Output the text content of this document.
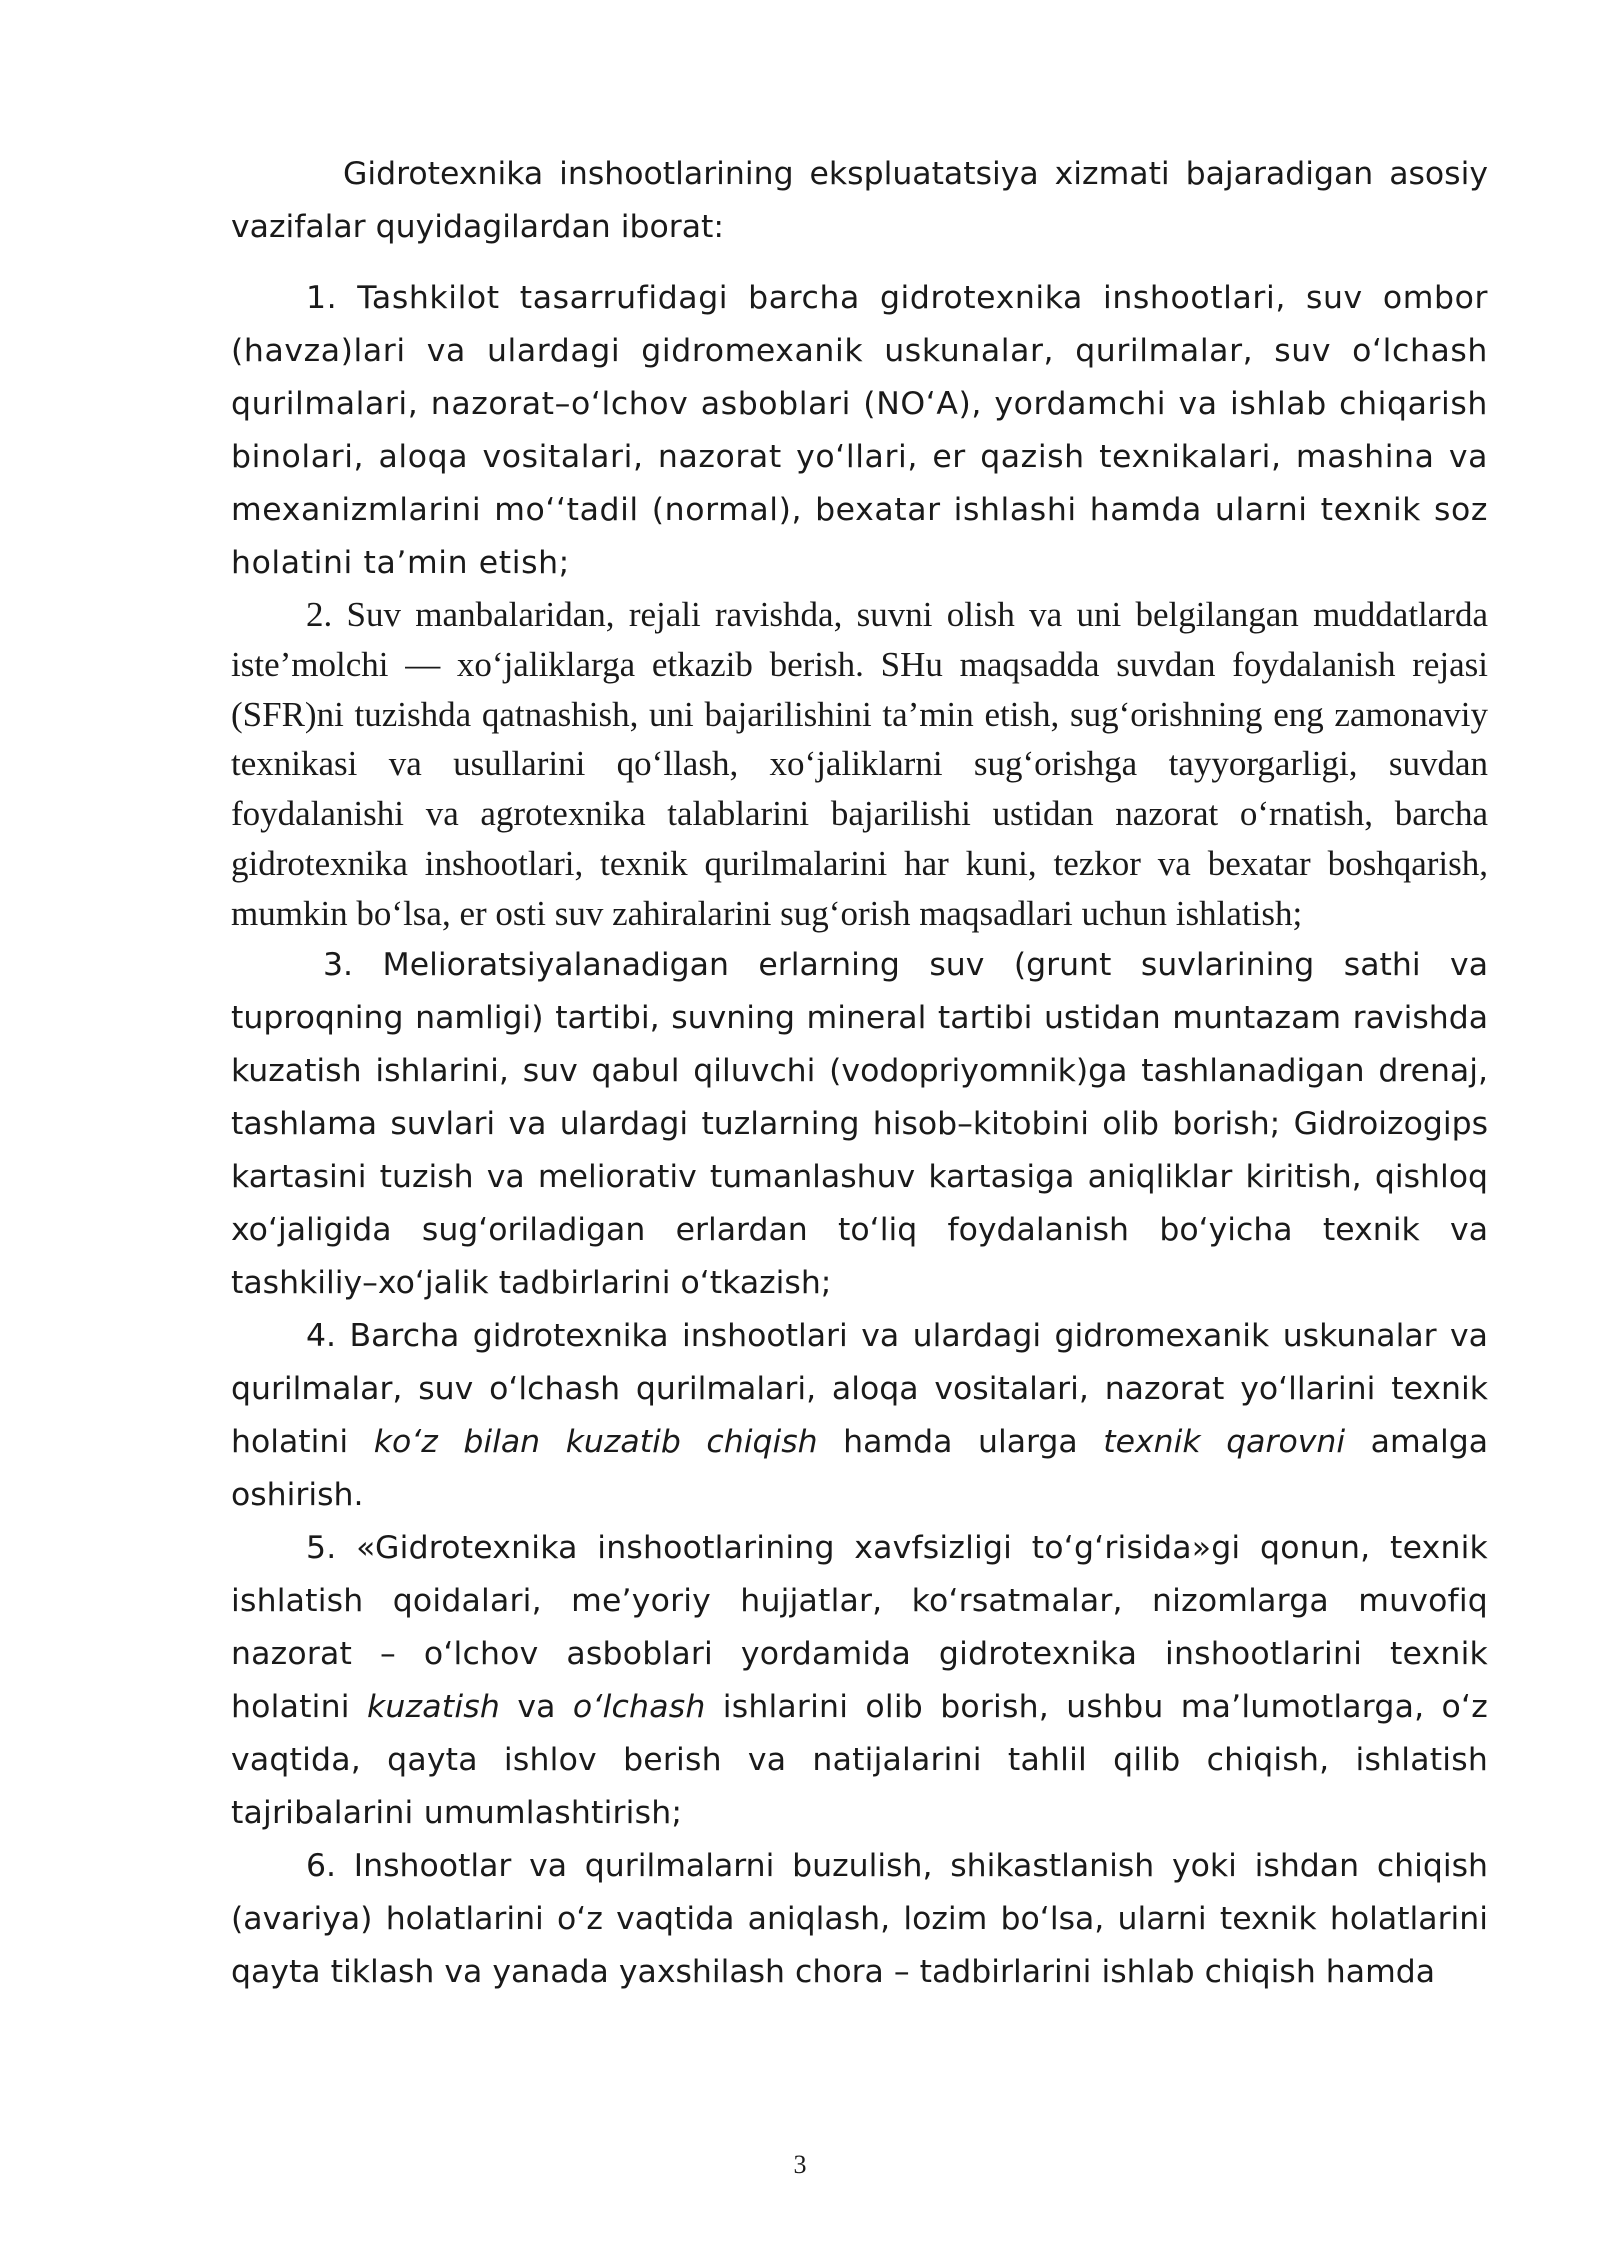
Gidrotexnika inshootlarining ekspluatatsiya xizmati bajaradigan asosiy vazifalar quyidagilardan iborat:

1. Tashkilot tasarrufidagi barcha gidrotexnika inshootlari, suv ombor (havza)lari va ulardagi gidromexanik uskunalar, qurilmalar, suv o‘lchash qurilmalari, nazorat–o‘lchov asboblari (NO‘A), yordamchi va ishlab chiqarish binolari, aloqa vositalari, nazorat yo‘llari, er qazish texnikalari, mashina va mexanizmlarini mo‘‘tadil (normal), bexatar ishlashi hamda ularni texnik soz holatini ta’min etish;

2. Suv manbalaridan, rejali ravishda, suvni olish va uni belgilangan muddatlarda iste’molchi — xo‘jaliklarga etkazib berish. SHu maqsadda suvdan foydalanish rejasi (SFR)ni tuzishda qatnashish, uni bajarilishini ta’min etish, sug‘orishning eng zamonaviy texnikasi va usullarini qo‘llash, xo‘jaliklarni sug‘orishga tayyorgarligi, suvdan foydalanishi va agrotexnika talablarini bajarilishi ustidan nazorat o‘rnatish, barcha gidrotexnika inshootlari, texnik qurilmalarini har kuni, tezkor va bexatar boshqarish, mumkin bo‘lsa, er osti suv zahiralarini sug‘orish maqsadlari uchun ishlatish;

3. Melioratsiyalanadigan erlarning suv (grunt suvlarining sathi va tuproqning namligi) tartibi, suvning mineral tartibi ustidan muntazam ravishda kuzatish ishlarini, suv qabul qiluvchi (vodopriyomnik)ga tashlanadigan drenaj, tashlama suvlari va ulardagi tuzlarning hisob–kitobini olib borish; Gidroizogips kartasini tuzish va meliorativ tumanlashuv kartasiga aniqliklar kiritish, qishloq xo‘jaligida sug‘oriladigan erlardan to‘liq foydalanish bo‘yicha texnik va tashkiliy–xo‘jalik tadbirlarini o‘tkazish;

4. Barcha gidrotexnika inshootlari va ulardagi gidromexanik uskunalar va qurilmalar, suv o‘lchash qurilmalari, aloqa vositalari, nazorat yo‘llarini texnik holatini ko‘z bilan kuzatib chiqish hamda ularga texnik qarovni amalga oshirish.

5. «Gidrotexnika inshootlarining xavfsizligi to‘g‘risida»gi qonun, texnik ishlatish qoidalari, me’yoriy hujjatlar, ko‘rsatmalar, nizomlarga muvofiq nazorat – o‘lchov asboblari yordamida gidrotexnika inshootlarini texnik holatini kuzatish va o‘lchash ishlarini olib borish, ushbu ma’lumotlarga, o‘z vaqtida, qayta ishlov berish va natijalarini tahlil qilib chiqish, ishlatish tajribalarini umumlashtirish;

6. Inshootlar va qurilmalarni buzulish, shikastlanish yoki ishdan chiqish (avariya) holatlarini o‘z vaqtida aniqlash, lozim bo‘lsa, ularni texnik holatlarini qayta tiklash va yanada yaxshilash chora – tadbirlarini ishlab chiqish hamda

3
